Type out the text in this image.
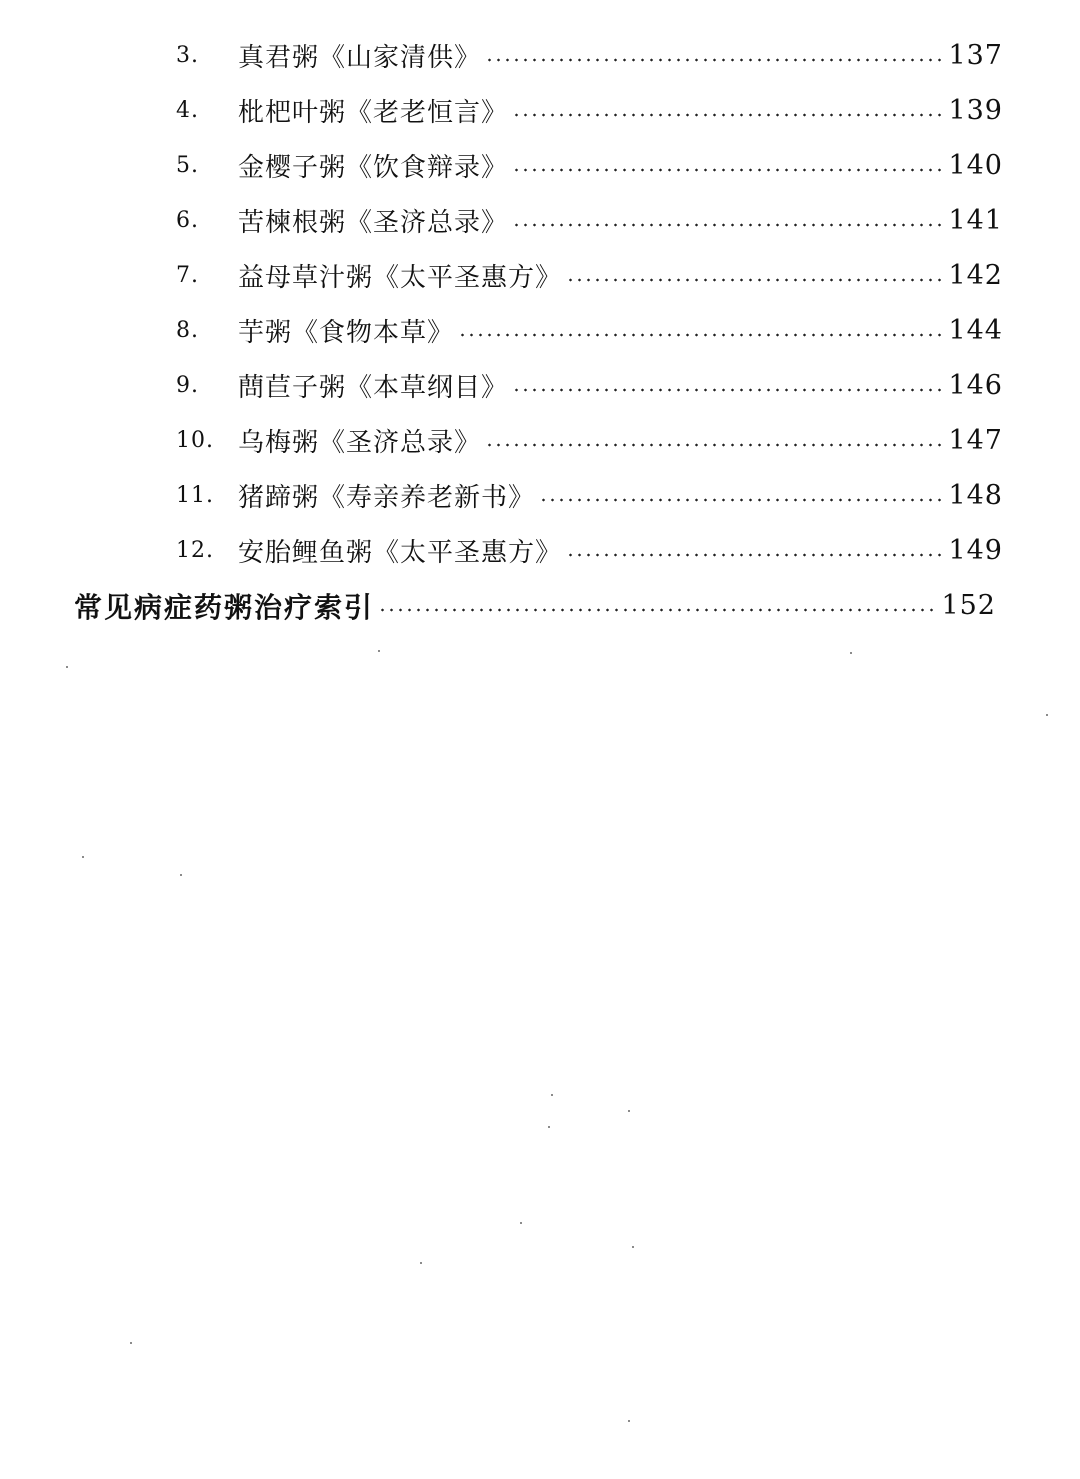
3.	真君粥《山家清供》	137
4.	枇杷叶粥《老老恒言》	139
5.	金樱子粥《饮食辩录》	140
6.	苦楝根粥《圣济总录》	141
7.	益母草汁粥《太平圣惠方》	142
8.	芋粥《食物本草》	144
9.	蔄苣子粥《本草纲目》	146
10. 乌梅粥《圣济总录》	147
11. 猪蹄粥《寿亲养老新书》	148
12. 安胎鲤鱼粥《太平圣惠方》	149
常见病症药粥治疗索引	152
